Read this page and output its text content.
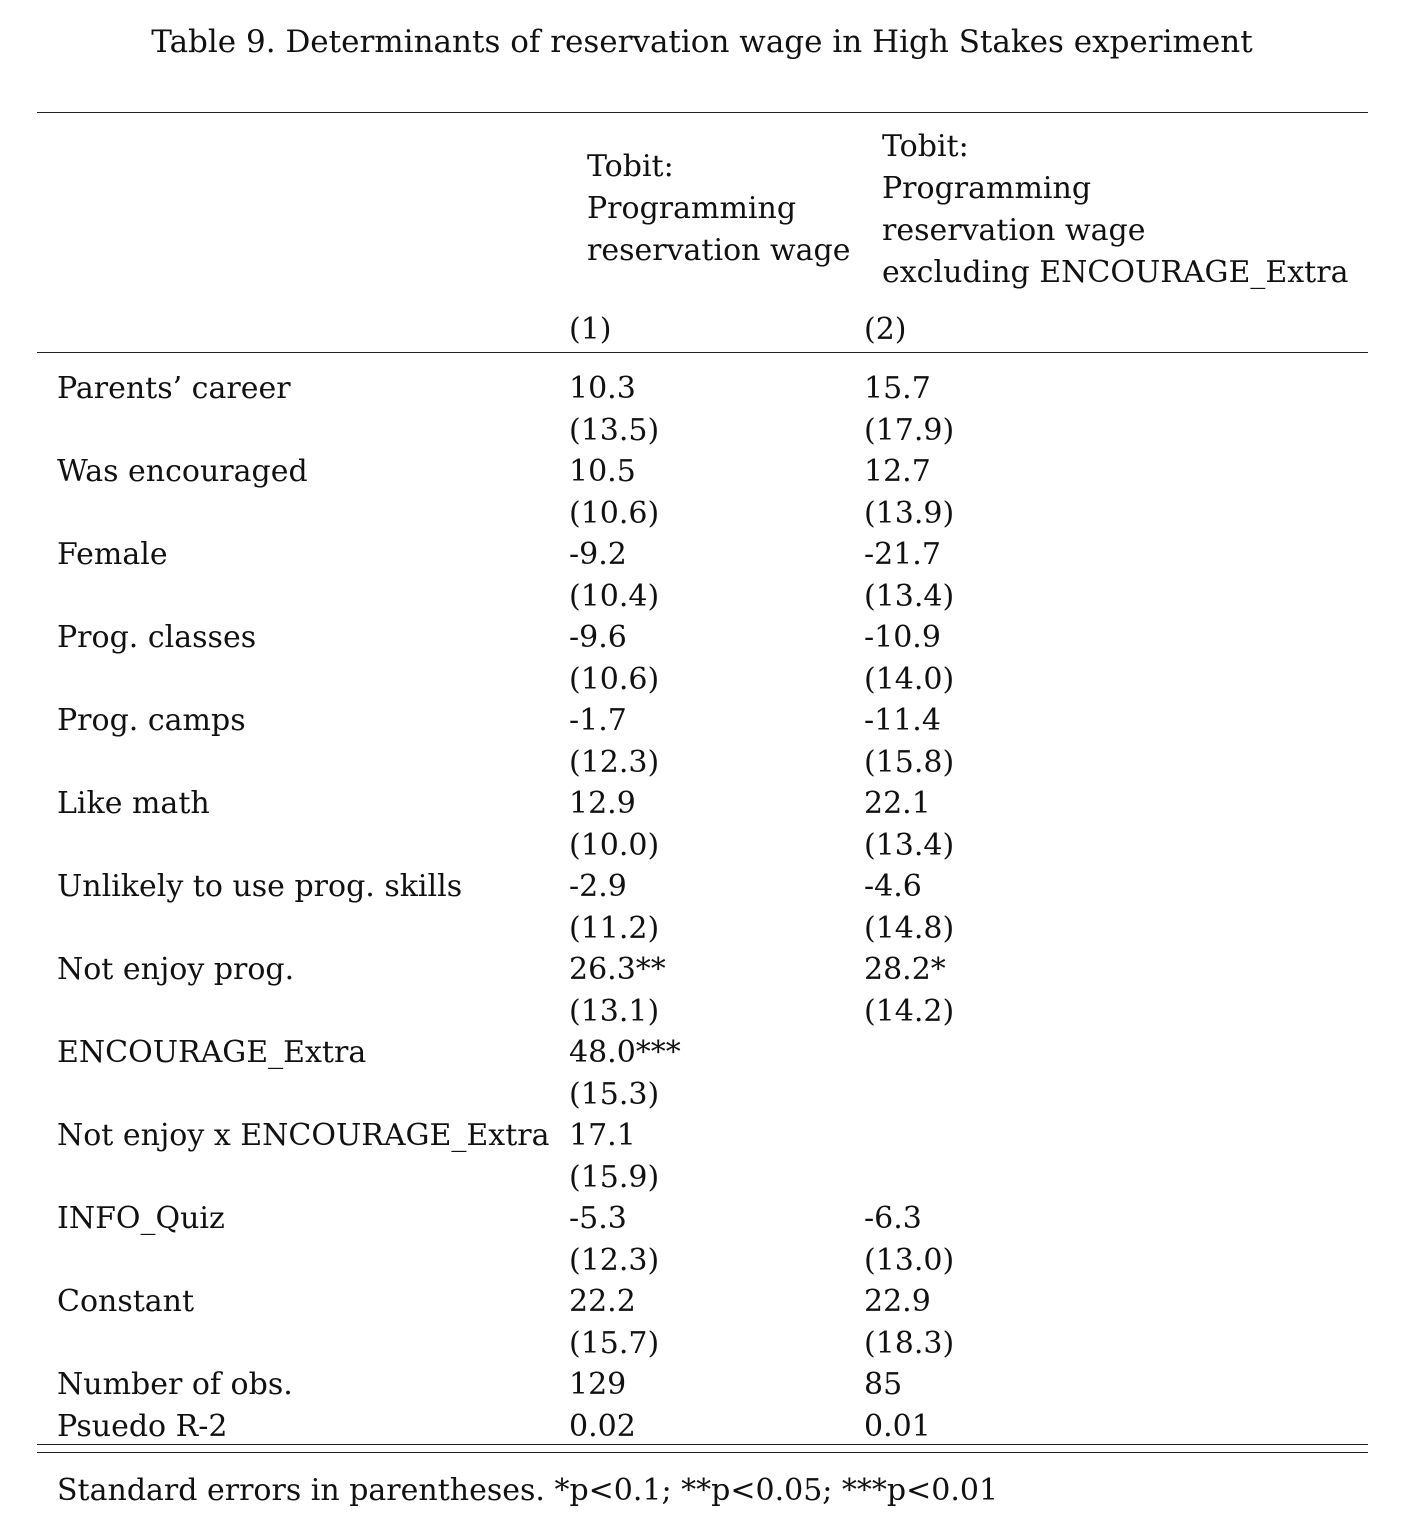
Table 9. Determinants of reservation wage in High Stakes experiment
Tobit:
Programming
reservation wage
Tobit:
Programming
reservation wage
excluding ENCOURAGE_Extra
(1)	(2)
Parents’ career	10.3	15.7
(13.5)	(17.9)
Was encouraged	10.5	12.7
(10.6)	(13.9)
Female	-9.2	-21.7
(10.4)	(13.4)
Prog. classes	-9.6	-10.9
(10.6)	(14.0)
Prog. camps	-1.7	-11.4
(12.3)	(15.8)
Like math	12.9	22.1
(10.0)	(13.4)
Unlikely to use prog. skills	-2.9	-4.6
(11.2)	(14.8)
Not enjoy prog.	26.3**	28.2*
(13.1)	(14.2)
ENCOURAGE_Extra	48.0***
(15.3)
Not enjoy x ENCOURAGE_Extra 17.1
(15.9)
INFO_Quiz	-5.3	-6.3
(12.3)	(13.0)
Constant	22.2	22.9
(15.7)	(18.3)
Number of obs.	129	85
Psuedo R-2	0.02	0.01
Standard errors in parentheses. *p<0.1; **p<0.05; ***p<0.01
